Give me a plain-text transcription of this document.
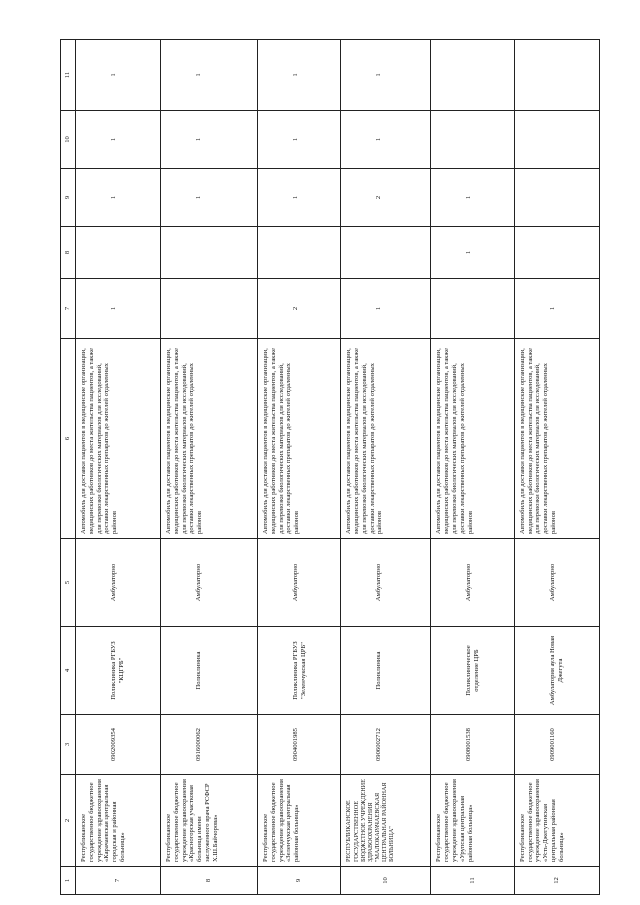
1	2	3	4	5	6	7	8	9	10	11
7	Республиканское государственное бюджетное учреждение здравоохранения «Карачаевская центральная городская и районная больница»	0902009354	Поликлиника РГБУЗ "КЦГРБ"	Амбулаторно	Автомобиль для доставки пациентов в медицинские организации, медицинских работников до места жительства пациентов, а также для перевозки биологических материалов для исследований, доставки лекарственных препаратов до жителей отдаленных районов	1		1	1	1
8	Республиканское государственное бюджетное учреждение здравоохранения «Красногорская участковая больница имени заслуженного врача РСФСР Х.Ш.Байчорова»	0916000062	Поликлиника	Амбулаторно	Автомобиль для доставки пациентов в медицинские организации, медицинских работников до места жительства пациентов, а также для перевозки биологических материалов для исследований, доставки лекарственных препаратов до жителей отдаленных районов			1	1	1
9	Республиканское государственное бюджетное учреждение здравоохранения «Зеленчукская центральная районная больница»	0904001985	Поликлиника РГБУЗ "Зеленчукская ЦРБ"	Амбулаторно	Автомобиль для доставки пациентов в медицинские организации, медицинских работников до места жительства пациентов, а также для перевозки биологических материалов для исследований, доставки лекарственных препаратов до жителей отдаленных районов	2		1	1	1
10	РЕСПУБЛИКАНСКОЕ ГОСУДАРСТВЕННОЕ БЮДЖЕТНОЕ УЧРЕЖДЕНИЕ ЗДРАВООХРАНЕНИЯ "МАЛОКАРАЧАЕВСКАЯ ЦЕНТРАЛЬНАЯ РАЙОННАЯ БОЛЬНИЦА"	0906002712	Поликлиника	Амбулаторно	Автомобиль для доставки пациентов в медицинские организации, медицинских работников до места жительства пациентов, а также для перевозки биологических материалов для исследований, доставки лекарственных препаратов до жителей отдаленных районов	1		2	1	1
11	Республиканское государственное бюджетное учреждение здравоохранения «Урупская центральная районная больница»	0908001538	Поликлиническое отделение ЦРБ	Амбулаторно	Автомобиль для доставки пациентов в медицинские организации, медицинских работников до места жительства пациентов, а также для перевозки биологических материалов для исследований, доставки лекарственных препаратов до жителей отдаленных районов		1	1		
12	Республиканское государственное бюджетное учреждение здравоохранения «Усть-Джегутинская центральная районная больница»	0909001160	Амбулатория аула Новая Джегута	Амбулаторно	Автомобиль для доставки пациентов в медицинские организации, медицинских работников до места жительства пациентов, а также для перевозки биологических материалов для исследований, доставки лекарственных препаратов до жителей отдаленных районов	1				
